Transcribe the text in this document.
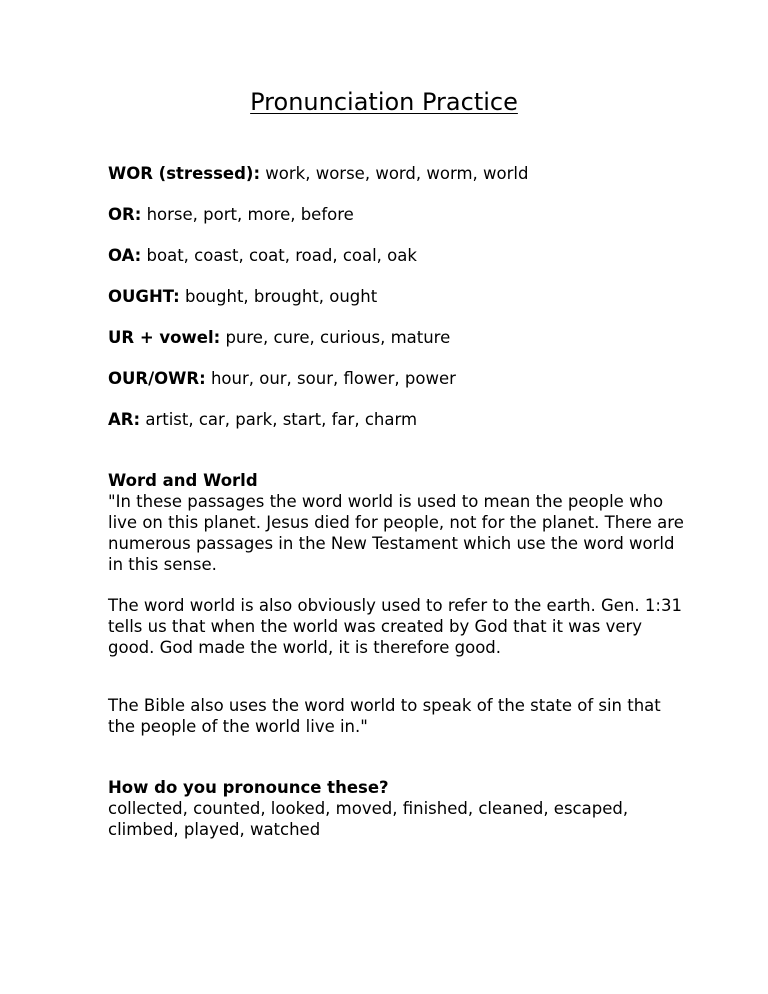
Pronunciation Practice
WOR (stressed): work, worse, word, worm, world
OR: horse, port, more, before
OA: boat, coast, coat, road, coal, oak
OUGHT: bought, brought, ought
UR + vowel: pure, cure, curious, mature
OUR/OWR: hour, our, sour, flower, power
AR: artist, car, park, start, far, charm

Word and World

"In these passages the word world is used to mean the people who live on this planet. Jesus died for people, not for the planet. There are numerous passages in the New Testament which use the word world in this sense.

The word world is also obviously used to refer to the earth. Gen. 1:31 tells us that when the world was created by God that it was very good. God made the world, it is therefore good.

The Bible also uses the word world to speak of the state of sin that the people of the world live in."

How do you pronounce these?

collected, counted, looked, moved, finished, cleaned, escaped, climbed, played, watched
